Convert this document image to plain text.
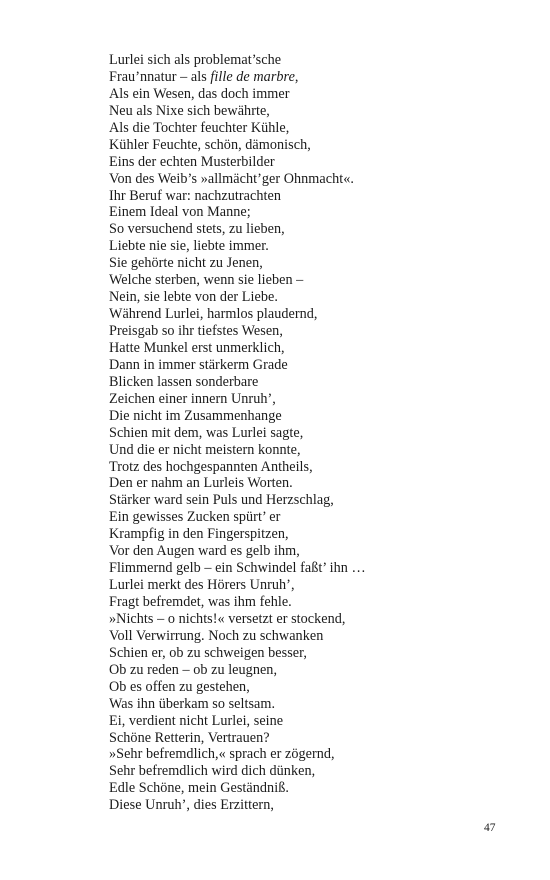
Lurlei sich als problemat’sche
Frau’nnatur – als fille de marbre,
Als ein Wesen, das doch immer
Neu als Nixe sich bewährte,
Als die Tochter feuchter Kühle,
Kühler Feuchte, schön, dämonisch,
Eins der echten Musterbilder
Von des Weib’s »allmächt’ger Ohnmacht«.
Ihr Beruf war: nachzutrachten
Einem Ideal von Manne;
So versuchend stets, zu lieben,
Liebte nie sie, liebte immer.
Sie gehörte nicht zu Jenen,
Welche sterben, wenn sie lieben –
Nein, sie lebte von der Liebe.
Während Lurlei, harmlos plaudernd,
Preisgab so ihr tiefstes Wesen,
Hatte Munkel erst unmerklich,
Dann in immer stärkerm Grade
Blicken lassen sonderbare
Zeichen einer innern Unruh’,
Die nicht im Zusammenhange
Schien mit dem, was Lurlei sagte,
Und die er nicht meistern konnte,
Trotz des hochgespannten Antheils,
Den er nahm an Lurleis Worten.
Stärker ward sein Puls und Herzschlag,
Ein gewisses Zucken spürt’ er
Krampfig in den Fingerspitzen,
Vor den Augen ward es gelb ihm,
Flimmernd gelb – ein Schwindel faßt’ ihn …
Lurlei merkt des Hörers Unruh’,
Fragt befremdet, was ihm fehle.
»Nichts – o nichts!« versetzt er stockend,
Voll Verwirrung. Noch zu schwanken
Schien er, ob zu schweigen besser,
Ob zu reden – ob zu leugnen,
Ob es offen zu gestehen,
Was ihn überkam so seltsam.
Ei, verdient nicht Lurlei, seine
Schöne Retterin, Vertrauen?
»Sehr befremdlich,« sprach er zögernd,
Sehr befremdlich wird dich dünken,
Edle Schöne, mein Geständniß.
Diese Unruh’, dies Erzittern,
47
